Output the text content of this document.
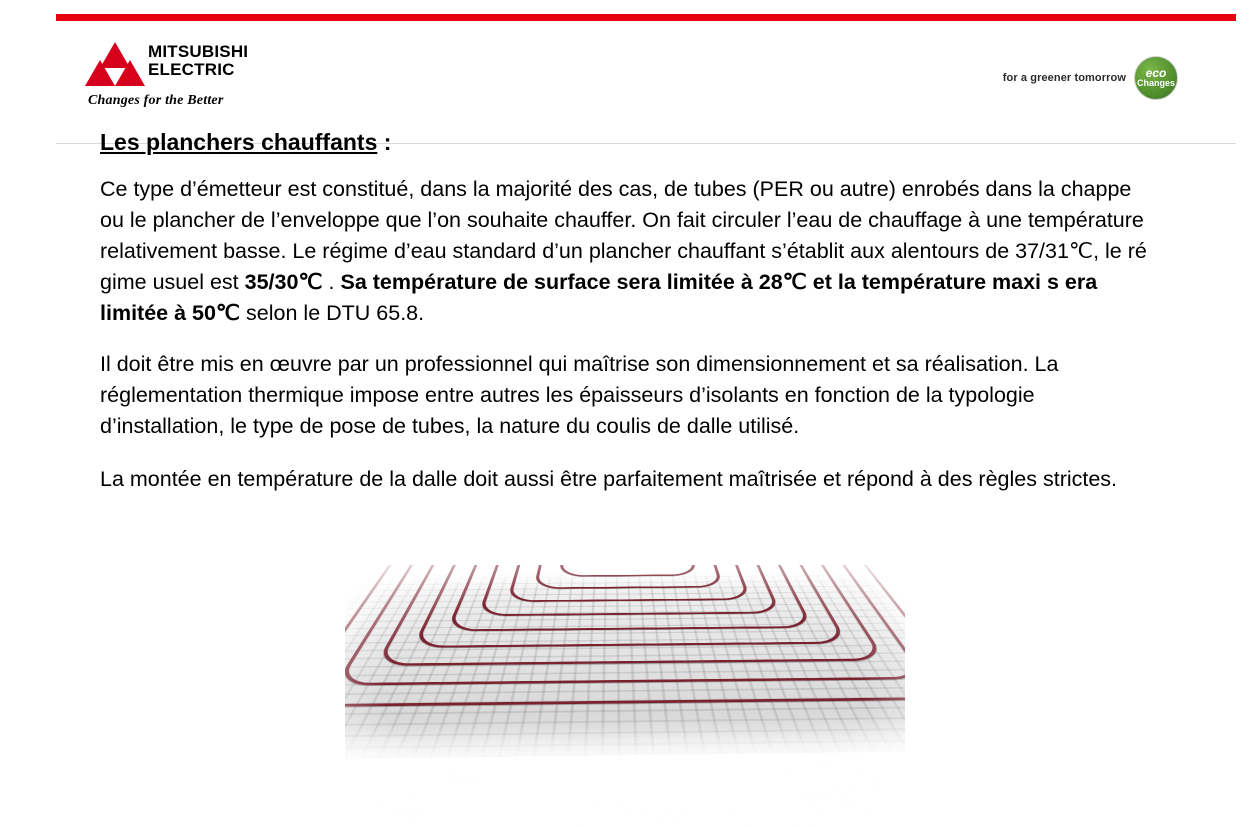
MITSUBISHI
ELECTRIC
Changes for the Better
for a greener tomorrow eco
Changes
Les planchers chauffants :

Ce type d’émetteur est constitué, dans la majorité des cas, de tubes (PER ou autre) enrobés dans la chappe ou le plancher de l’enveloppe que l’on souhaite chauffer. On fait circuler l’eau de chauffage à une température relativement basse. Le régime d’eau standard d’un plancher chauffant s’établit aux alentours de 37/31℃, le ré gime usuel est 35/30℃ . Sa température de surface sera limitée à 28℃ et la température maxi s era limitée à 50℃ selon le DTU 65.8.

Il doit être mis en œuvre par un professionnel qui maîtrise son dimensionnement et sa réalisation. La réglementation thermique impose entre autres les épaisseurs d’isolants en fonction de la typologie d’installation, le type de pose de tubes, la nature du coulis de dalle utilisé.

La montée en température de la dalle doit aussi être parfaitement maîtrisée et répond à des règles strictes.
